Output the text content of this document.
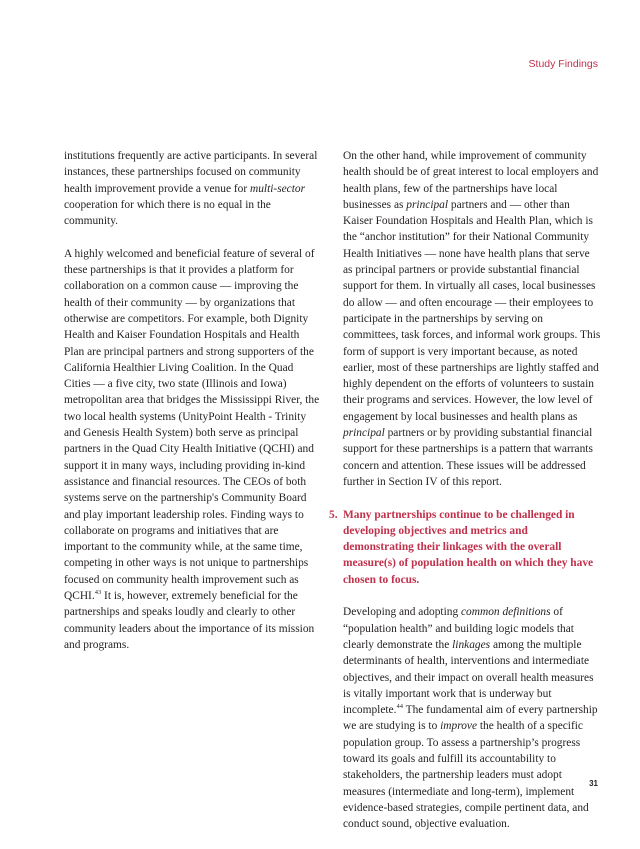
Study Findings

institutions frequently are active participants. In several instances, these partnerships focused on community health improvement provide a venue for multi-sector cooperation for which there is no equal in the community.

A highly welcomed and beneficial feature of several of these partnerships is that it provides a platform for collaboration on a common cause — improving the health of their community — by organizations that otherwise are competitors. For example, both Dignity Health and Kaiser Foundation Hospitals and Health Plan are principal partners and strong supporters of the California Healthier Living Coalition. In the Quad Cities — a five city, two state (Illinois and Iowa) metropolitan area that bridges the Mississippi River, the two local health systems (UnityPoint Health - Trinity and Genesis Health System) both serve as principal partners in the Quad City Health Initiative (QCHI) and support it in many ways, including providing in-kind assistance and financial resources. The CEOs of both systems serve on the partnership's Community Board and play important leadership roles. Finding ways to collaborate on programs and initiatives that are important to the community while, at the same time, competing in other ways is not unique to partnerships focused on community health improvement such as QCHI.$^{43}$ It is, however, extremely beneficial for the partnerships and speaks loudly and clearly to other community leaders about the importance of its mission and programs.

On the other hand, while improvement of community health should be of great interest to local employers and health plans, few of the partnerships have local businesses as principal partners and — other than Kaiser Foundation Hospitals and Health Plan, which is the “anchor institution” for their National Community Health Initiatives — none have health plans that serve as principal partners or provide substantial financial support for them. In virtually all cases, local businesses do allow — and often encourage — their employees to participate in the partnerships by serving on committees, task forces, and informal work groups. This form of support is very important because, as noted earlier, most of these partnerships are lightly staffed and highly dependent on the efforts of volunteers to sustain their programs and services. However, the low level of engagement by local businesses and health plans as principal partners or by providing substantial financial support for these partnerships is a pattern that warrants concern and attention. These issues will be addressed further in Section IV of this report.

5. Many partnerships continue to be challenged in developing objectives and metrics and demonstrating their linkages with the overall measure(s) of population health on which they have chosen to focus.

Developing and adopting common definitions of “population health” and building logic models that clearly demonstrate the linkages among the multiple determinants of health, interventions and intermediate objectives, and their impact on overall health measures is vitally important work that is underway but incomplete.$^{44}$ The fundamental aim of every partnership we are studying is to improve the health of a specific population group. To assess a partnership’s progress toward its goals and fulfill its accountability to stakeholders, the partnership leaders must adopt measures (intermediate and long-term), implement evidence-based strategies, compile pertinent data, and conduct sound, objective evaluation.

31
